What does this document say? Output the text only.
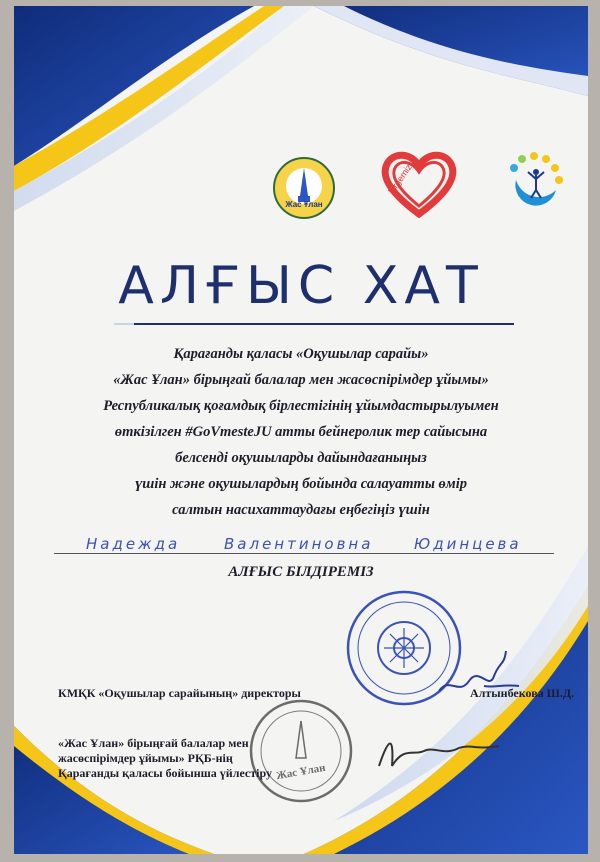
Жас Ұлан
birgemiz
АЛҒЫС ХАТ
Қарағанды қаласы «Оқушылар сарайы»
«Жас Ұлан» бірыңғай балалар мен жасөспірімдер ұйымы»
Республикалық қоғамдық бірлестігінің ұйымдастырылуымен
өткізілген #GoVmesteJU атты бейнеролик тер сайысына
белсенді оқушыларды дайындағаныңыз
үшін және оқушылардың бойында салауатты өмір
салтын насихаттаудағы еңбегіңіз үшін
Надежда	Валентиновна	Юдинцева
АЛҒЫС БІЛДІРЕМІЗ
КМҚК «Оқушылар сарайының» директоры	Алтынбекова Ш.Д.
Жас Ұлан
«Жас Ұлан» бірыңғай балалар мен
жасөспірімдер ұйымы» РҚБ-нің
Қарағанды қаласы бойынша үйлестіру
